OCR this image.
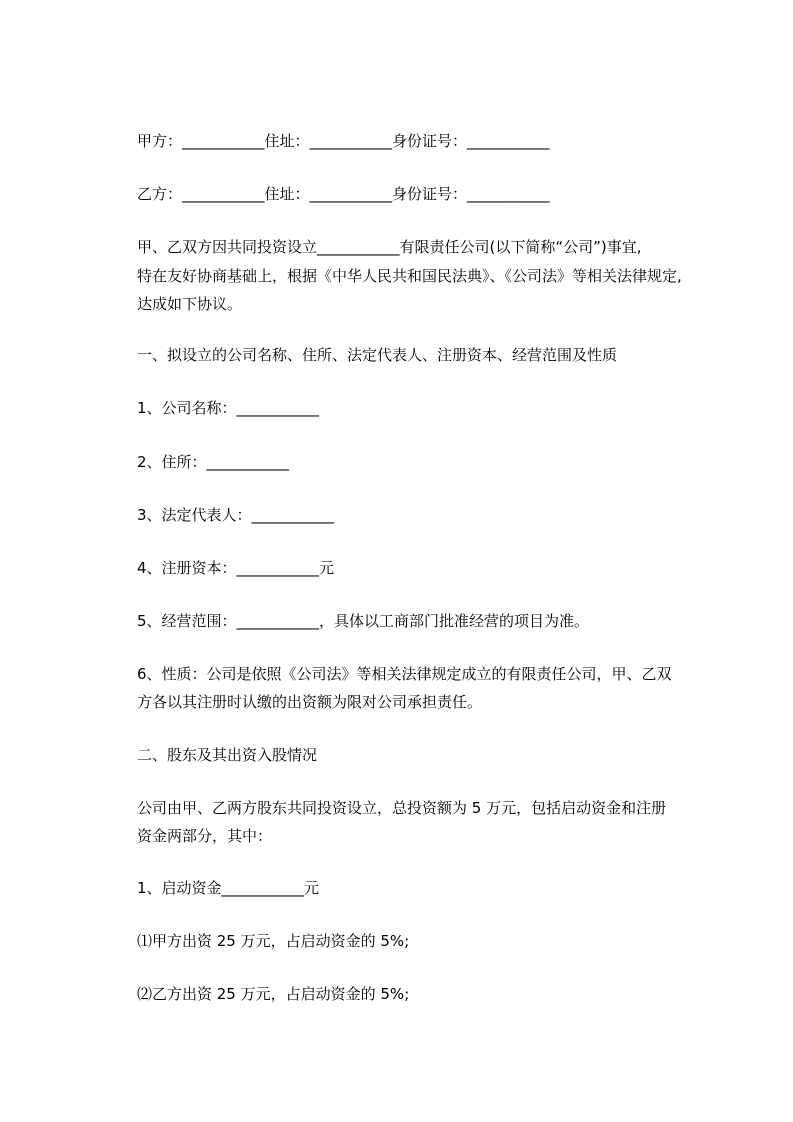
甲方：___________住址：___________身份证号：___________
乙方：___________住址：___________身份证号：___________
甲、乙双方因共同投资设立___________有限责任公司(以下简称“公司”)事宜,
特在友好协商基础上，根据《中华人民共和国民法典》、《公司法》等相关法律规定,
达成如下协议。
一、拟设立的公司名称、住所、法定代表人、注册资本、经营范围及性质
1、公司名称：___________
2、住所：___________
3、法定代表人：___________
4、注册资本：___________元
5、经营范围：___________，具体以工商部门批准经营的项目为准。
6、性质：公司是依照《公司法》等相关法律规定成立的有限责任公司，甲、乙双
方各以其注册时认缴的出资额为限对公司承担责任。
二、股东及其出资入股情况
公司由甲、乙两方股东共同投资设立，总投资额为 5 万元，包括启动资金和注册
资金两部分，其中：
1、启动资金___________元
⑴甲方出资 25 万元，占启动资金的 5%;
⑵乙方出资 25 万元，占启动资金的 5%;
